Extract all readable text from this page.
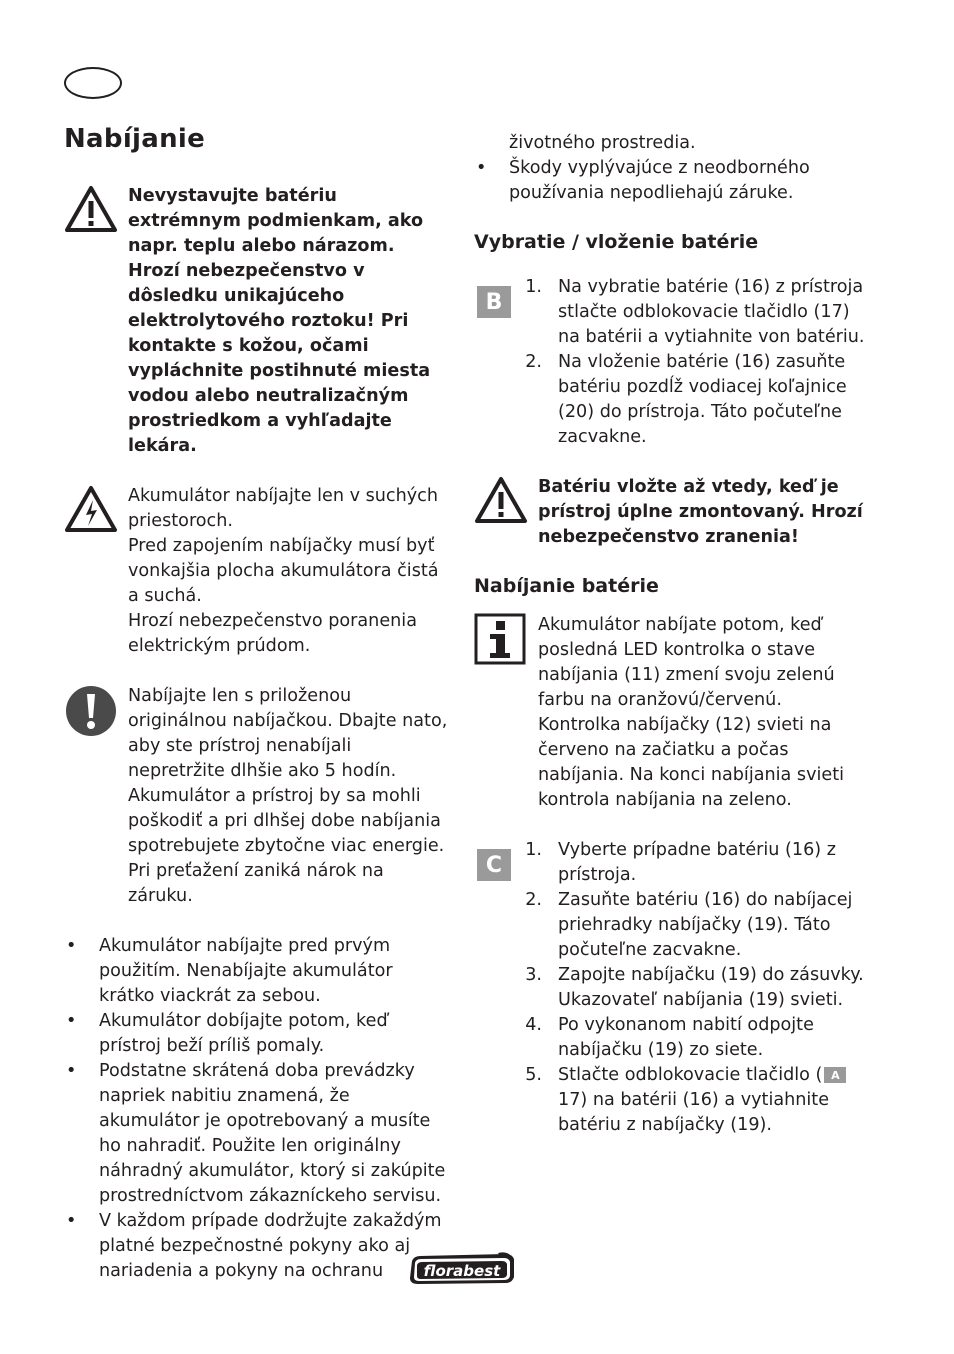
Nabíjanie

Nevystavujte batériu extrémnym podmienkam, ako napr. teplu alebo nárazom. Hrozí nebezpečenstvo v dôsledku unikajúceho elektrolytového roztoku! Pri kontakte s kožou, očami vypláchnite postihnuté miesta vodou alebo neutralizačným prostriedkom a vyhľadajte lekára.

Akumulátor nabíjajte len v suchých priestoroch.

Pred zapojením nabíjačky musí byť vonkajšia plocha akumulátora čistá a suchá.

Hrozí nebezpečenstvo poranenia elektrickým prúdom.

Nabíjajte len s priloženou originálnou nabíjačkou. Dbajte nato, aby ste prístroj nenabíjali nepretržite dlhšie ako 5 hodín. Akumulátor a prístroj by sa mohli poškodiť a pri dlhšej dobe nabíjania spotrebujete zbytočne viac energie. Pri preťažení zaniká nárok na záruku.

• Akumulátor nabíjajte pred prvým použitím. Nenabíjajte akumulátor krátko viackrát za sebou.
• Akumulátor dobíjajte potom, keď prístroj beží príliš pomaly.
• Podstatne skrátená doba prevádzky napriek nabitiu znamená, že akumulátor je opotrebovaný a musíte ho nahradiť. Použite len originálny náhradný akumulátor, ktorý si zakúpite prostredníctvom zákazníckeho servisu.
• V každom prípade dodržujte zakaždým platné bezpečnostné pokyny ako aj nariadenia a pokyny na ochranu

životného prostredia.

• Škody vyplývajúce z neodborného používania nepodliehajú záruke.
Vybratie / vloženie batérie
B
1. Na vybratie batérie (16) z prístroja stlačte odblokovacie tlačidlo (17) na batérii a vytiahnite von batériu.
2. Na vloženie batérie (16) zasuňte batériu pozdĺž vodiacej koľajnice (20) do prístroja. Táto počuteľne zacvakne.

Batériu vložte až vtedy, keď je prístroj úplne zmontovaný. Hrozí nebezpečenstvo zranenia!

Nabíjanie batérie

Akumulátor nabíjate potom, keď posledná LED kontrolka o stave nabíjania (11) zmení svoju zelenú farbu na oranžovú/červenú.

Kontrolka nabíjačky (12) svieti na červeno na začiatku a počas nabíjania. Na konci nabíjania svieti kontrola nabíjania na zeleno.

C
1. Vyberte prípadne batériu (16) z prístroja.
2. Zasuňte batériu (16) do nabíjacej priehradky nabíjačky (19). Táto počuteľne zacvakne.
3. Zapojte nabíjačku (19) do zásuvky.
Ukazovateľ nabíjania (19) svieti.
4. Po vykonanom nabití odpojte nabíjačku (19) zo siete.
5. Stlačte odblokovacie tlačidlo ( A17) na batérii (16) a vytiahnite batériu z nabíjačky (19).
florabest
